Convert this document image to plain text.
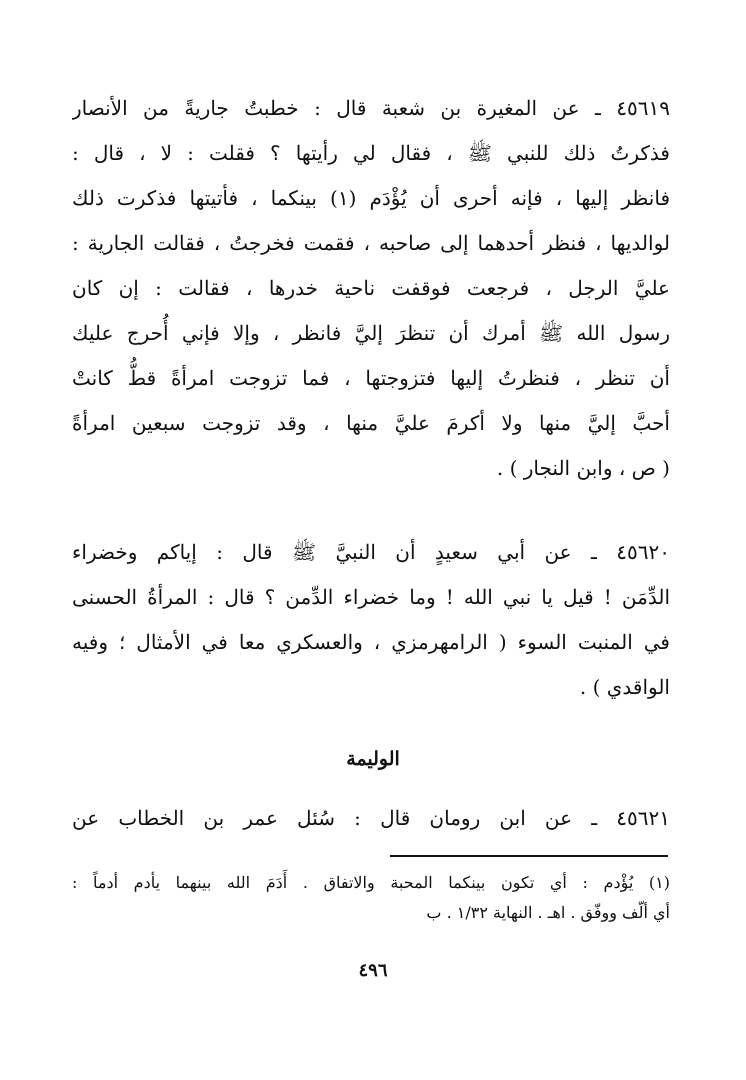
٤٥٦١٩ ـ عن المغيرة بن شعبة قال : خطبتُ جاريةً من الأنصار
فذكرتُ ذلك للنبي ﷺ ، فقال لي رأيتها ؟ فقلت : لا ، قال :
فانظر إليها ، فإنه أحرى أن يُؤْدَم (١) بينكما ، فأتيتها فذكرت ذلك
لوالديها ، فنظر أحدهما إلى صاحبه ، فقمت فخرجتُ ، فقالت الجارية :
عليَّ الرجل ، فرجعت فوقفت ناحية خدرها ، فقالت : إن كان
رسول الله ﷺ أمرك أن تنظرَ إليَّ فانظر ، وإلا فإني أُحرج عليك
أن تنظر ، فنظرتُ إليها فتزوجتها ، فما تزوجت امرأةً قطُّ كانتْ
أحبَّ إليَّ منها ولا أكرمَ عليَّ منها ، وقد تزوجت سبعين امرأةً
( ص ، وابن النجار ) .
٤٥٦٢٠ ـ عن أبي سعيدٍ أن النبيَّ ﷺ قال : إياكم وخضراء
الدِّمَن ! قيل يا نبي الله ! وما خضراء الدِّمن ؟ قال : المرأةُ الحسنى
في المنبت السوء ( الرامهرمزي ، والعسكري معا في الأمثال ؛ وفيه
الواقدي ) .
الوليمة
٤٥٦٢١ ـ عن ابن رومان قال : سُئل عمر بن الخطاب عن
(١) يُؤْدم : أي تكون بينكما المحبة والاتفاق . أَدَمَ الله بينهما يأدم أدماً :
أي ألّف ووفّق . اهـ . النهاية ١/٣٢ . ب
٤٩٦
